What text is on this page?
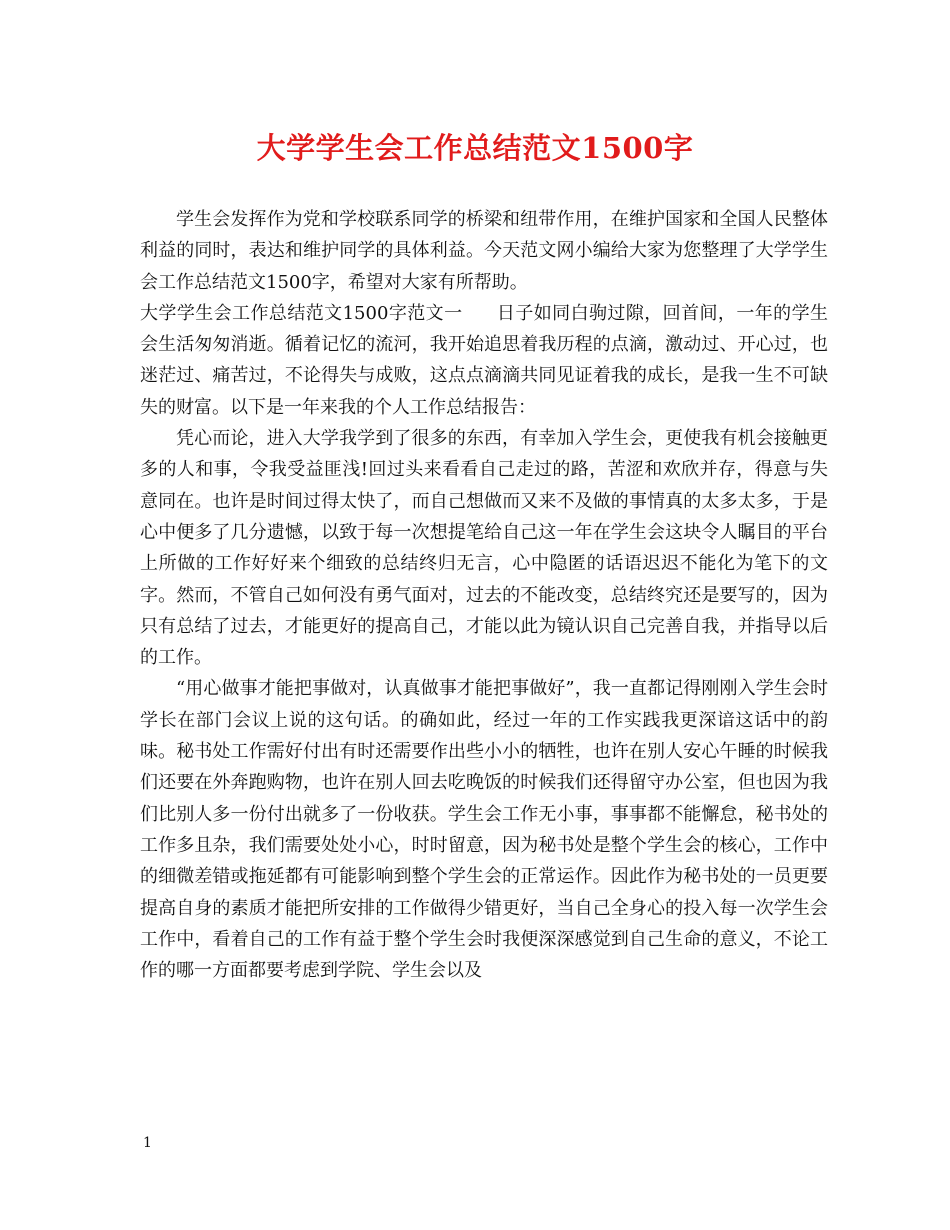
大学学生会工作总结范文1500字

学生会发挥作为党和学校联系同学的桥梁和纽带作用，在维护国家和全国人民整体利益的同时，表达和维护同学的具体利益。今天范文网小编给大家为您整理了大学学生会工作总结范文1500字，希望对大家有所帮助。

大学学生会工作总结范文1500字范文一 日子如同白驹过隙，回首间，一年的学生会生活匆匆消逝。循着记忆的流河，我开始追思着我历程的点滴，激动过、开心过，也迷茫过、痛苦过，不论得失与成败，这点点滴滴共同见证着我的成长，是我一生不可缺失的财富。以下是一年来我的个人工作总结报告：

凭心而论，进入大学我学到了很多的东西，有幸加入学生会，更使我有机会接触更多的人和事，令我受益匪浅!回过头来看看自己走过的路，苦涩和欢欣并存，得意与失意同在。也许是时间过得太快了，而自己想做而又来不及做的事情真的太多太多，于是心中便多了几分遗憾，以致于每一次想提笔给自己这一年在学生会这块令人瞩目的平台上所做的工作好好来个细致的总结终归无言，心中隐匿的话语迟迟不能化为笔下的文字。然而，不管自己如何没有勇气面对，过去的不能改变，总结终究还是要写的，因为只有总结了过去，才能更好的提高自己，才能以此为镜认识自己完善自我，并指导以后的工作。

“用心做事才能把事做对，认真做事才能把事做好”，我一直都记得刚刚入学生会时学长在部门会议上说的这句话。的确如此，经过一年的工作实践我更深谙这话中的韵味。秘书处工作需好付出有时还需要作出些小小的牺牲，也许在别人安心午睡的时候我们还要在外奔跑购物，也许在别人回去吃晚饭的时候我们还得留守办公室，但也因为我们比别人多一份付出就多了一份收获。学生会工作无小事，事事都不能懈怠，秘书处的工作多且杂，我们需要处处小心，时时留意，因为秘书处是整个学生会的核心，工作中的细微差错或拖延都有可能影响到整个学生会的正常运作。因此作为秘书处的一员更要提高自身的素质才能把所安排的工作做得少错更好，当自己全身心的投入每一次学生会工作中，看着自己的工作有益于整个学生会时我便深深感觉到自己生命的意义，不论工作的哪一方面都要考虑到学院、学生会以及

1
